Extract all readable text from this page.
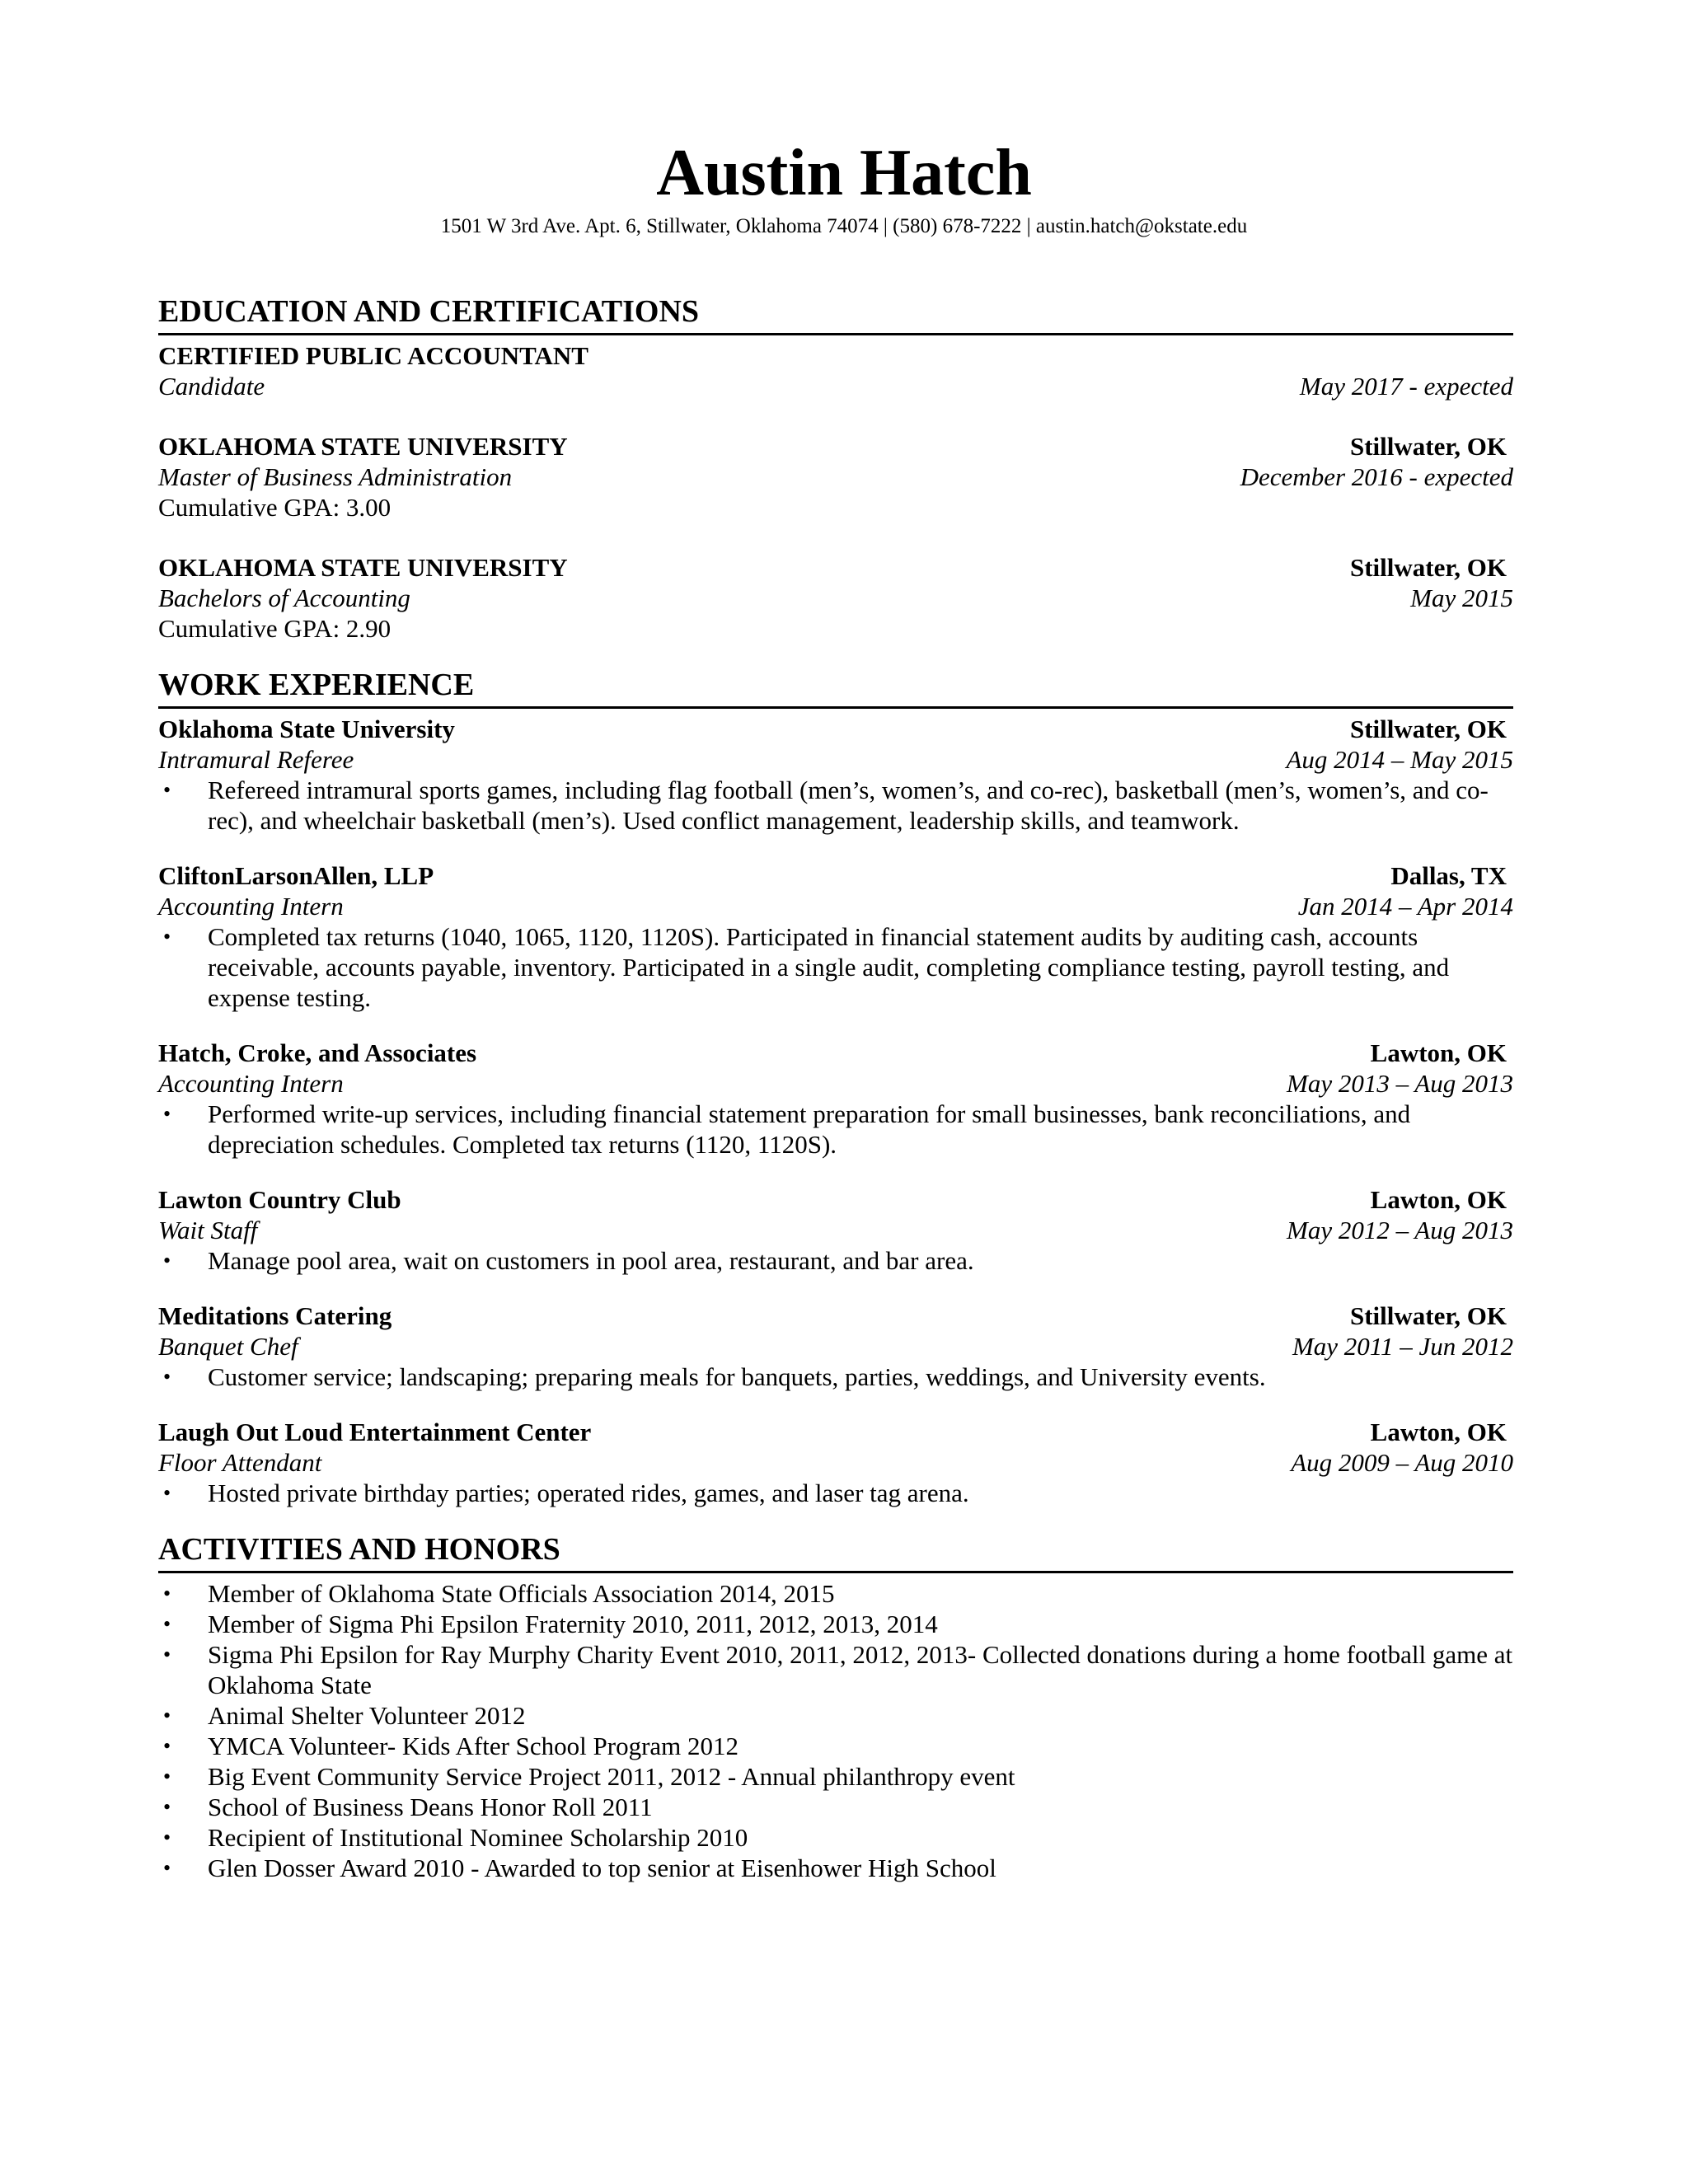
Austin Hatch
1501 W 3rd Ave. Apt. 6, Stillwater, Oklahoma 74074 | (580) 678-7222 | austin.hatch@okstate.edu
EDUCATION AND CERTIFICATIONS
CERTIFIED PUBLIC ACCOUNTANT
Candidate	May 2017 - expected
OKLAHOMA STATE UNIVERSITY	Stillwater, OK
Master of Business Administration	December 2016 - expected
Cumulative GPA: 3.00
OKLAHOMA STATE UNIVERSITY	Stillwater, OK
Bachelors of Accounting	May 2015
Cumulative GPA: 2.90
WORK EXPERIENCE
Oklahoma State University	Stillwater, OK
Intramural Referee	Aug 2014 – May 2015
• Refereed intramural sports games, including flag football (men’s, women’s, and co-rec), basketball (men’s, women’s, and co-rec), and wheelchair basketball (men’s). Used conflict management, leadership skills, and teamwork.
CliftonLarsonAllen, LLP	Dallas, TX
Accounting Intern	Jan 2014 – Apr 2014
• Completed tax returns (1040, 1065, 1120, 1120S). Participated in financial statement audits by auditing cash, accounts receivable, accounts payable, inventory. Participated in a single audit, completing compliance testing, payroll testing, and expense testing.
Hatch, Croke, and Associates	Lawton, OK
Accounting Intern	May 2013 – Aug 2013
• Performed write-up services, including financial statement preparation for small businesses, bank reconciliations, and depreciation schedules. Completed tax returns (1120, 1120S).
Lawton Country Club	Lawton, OK
Wait Staff	May 2012 – Aug 2013
• Manage pool area, wait on customers in pool area, restaurant, and bar area.
Meditations Catering	Stillwater, OK
Banquet Chef	May 2011 – Jun 2012
• Customer service; landscaping; preparing meals for banquets, parties, weddings, and University events.
Laugh Out Loud Entertainment Center	Lawton, OK
Floor Attendant	Aug 2009 – Aug 2010
• Hosted private birthday parties; operated rides, games, and laser tag arena.
ACTIVITIES AND HONORS
• Member of Oklahoma State Officials Association 2014, 2015
• Member of Sigma Phi Epsilon Fraternity 2010, 2011, 2012, 2013, 2014
• Sigma Phi Epsilon for Ray Murphy Charity Event 2010, 2011, 2012, 2013- Collected donations during a home football game at Oklahoma State
• Animal Shelter Volunteer 2012
• YMCA Volunteer- Kids After School Program 2012
• Big Event Community Service Project 2011, 2012 - Annual philanthropy event
• School of Business Deans Honor Roll 2011
• Recipient of Institutional Nominee Scholarship 2010
• Glen Dosser Award 2010 - Awarded to top senior at Eisenhower High School
